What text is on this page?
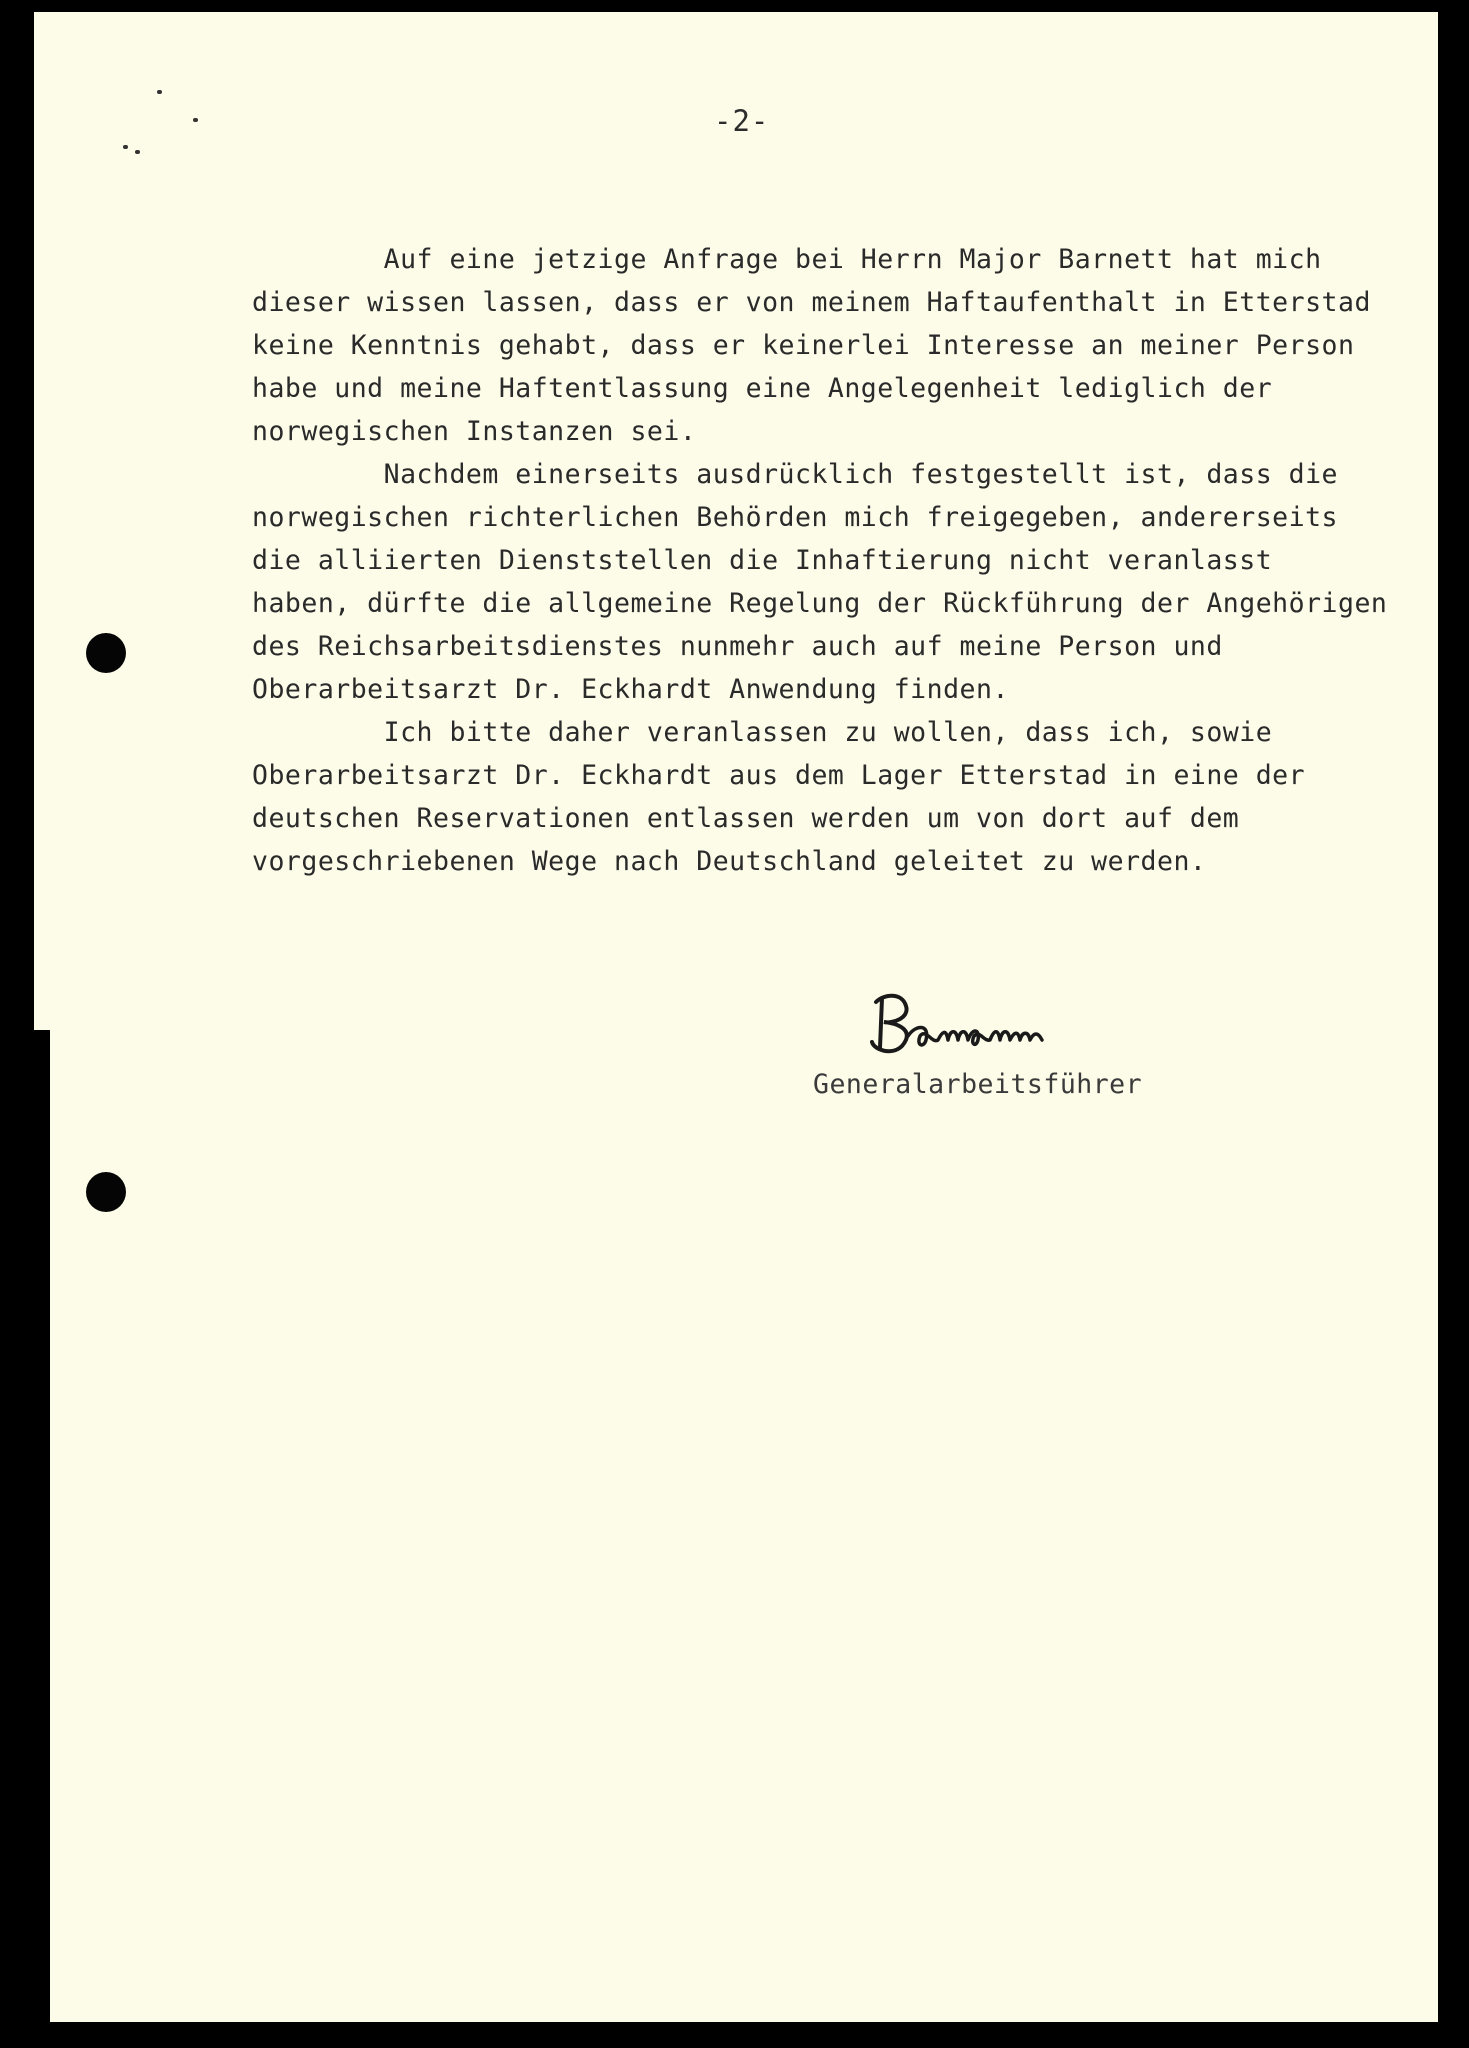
-2-
Auf eine jetzige Anfrage bei Herrn Major Barnett hat mich
dieser wissen lassen, dass er von meinem Haftaufenthalt in Etterstad
keine Kenntnis gehabt, dass er keinerlei Interesse an meiner Person
habe und meine Haftentlassung eine Angelegenheit lediglich der
norwegischen Instanzen sei.
Nachdem einerseits ausdrücklich festgestellt ist, dass die
norwegischen richterlichen Behörden mich freigegeben, andererseits
die alliierten Dienststellen die Inhaftierung nicht veranlasst
haben, dürfte die allgemeine Regelung der Rückführung der Angehörigen
des Reichsarbeitsdienstes nunmehr auch auf meine Person und
Oberarbeitsarzt Dr. Eckhardt Anwendung finden.
Ich bitte daher veranlassen zu wollen, dass ich, sowie
Oberarbeitsarzt Dr. Eckhardt aus dem Lager Etterstad in eine der
deutschen Reservationen entlassen werden um von dort auf dem
vorgeschriebenen Wege nach Deutschland geleitet zu werden.
Generalarbeitsführer
